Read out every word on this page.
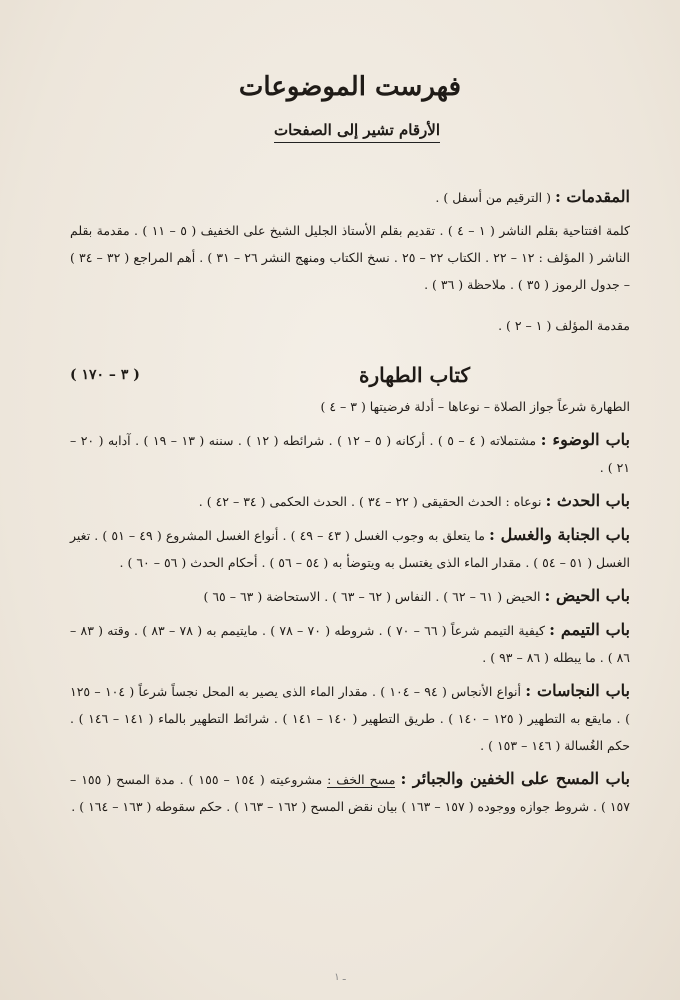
فهرست الموضوعات
الأرقام تشير إلى الصفحات
المقدمات : ( الترقيم من أسفل ) .
كلمة افتتاحية بقلم الناشر ( ١ – ٤ ) . تقديم بقلم الأستاذ الجليل الشيخ على الخفيف ( ٥ – ١١ ) . مقدمة بقلم الناشر ( المؤلف : ١٢ – ٢٢ . الكتاب ٢٢ – ٢٥ . نسخ الكتاب ومنهج النشر ٢٦ – ٣١ ) . أهم المراجع ( ٣٢ – ٣٤ ) – جدول الرموز ( ٣٥ ) . ملاحظة ( ٣٦ ) .
مقدمة المؤلف ( ١ – ٢ ) .
كتاب الطهارة
( ٣ – ١٧٠ )
الطهارة شرعاً جواز الصلاة – نوعاها – أدلة فرضيتها ( ٣ – ٤ )
باب الوضوء : مشتملاته ( ٤ – ٥ ) . أركانه ( ٥ – ١٢ ) . شرائطه ( ١٢ ) . سننه ( ١٣ – ١٩ ) . آدابه ( ٢٠ – ٢١ ) .
باب الحدث : نوعاه : الحدث الحقيقى ( ٢٢ – ٣٤ ) . الحدث الحكمى ( ٣٤ – ٤٢ ) .
باب الجنابة والغسل : ما يتعلق به وجوب الغسل ( ٤٣ – ٤٩ ) . أنواع الغسل المشروع ( ٤٩ – ٥١ ) . تغير الغسل ( ٥١ – ٥٤ ) . مقدار الماء الذى يغتسل به ويتوضأ به ( ٥٤ – ٥٦ ) . أحكام الحدث ( ٥٦ – ٦٠ ) .
باب الحيض : الحيض ( ٦١ – ٦٢ ) . النفاس ( ٦٢ – ٦٣ ) . الاستحاضة ( ٦٣ – ٦٥ )
باب التيمم : كيفية التيمم شرعاً ( ٦٦ – ٧٠ ) . شروطه ( ٧٠ – ٧٨ ) . مايتيمم به ( ٧٨ – ٨٣ ) . وقته ( ٨٣ – ٨٦ ) . ما يبطله ( ٨٦ – ٩٣ ) .
باب النجاسات : أنواع الأنجاس ( ٩٤ – ١٠٤ ) . مقدار الماء الذى يصير به المحل نجساً شرعاً ( ١٠٤ – ١٢٥ ) . مايقع به التطهير ( ١٢٥ – ١٤٠ ) . طريق التطهير ( ١٤٠ – ١٤١ ) . شرائط التطهير بالماء ( ١٤١ – ١٤٦ ) . حكم الغُسالة ( ١٤٦ – ١٥٣ ) .
باب المسح على الخفين والجبائر : مسح الخف : مشروعيته ( ١٥٤ – ١٥٥ ) . مدة المسح ( ١٥٥ – ١٥٧ ) . شروط جوازه ووجوده ( ١٥٧ – ١٦٣ ) بيان نقض المسح ( ١٦٢ – ١٦٣ ) . حكم سقوطه ( ١٦٣ – ١٦٤ ) .
ـ ١
